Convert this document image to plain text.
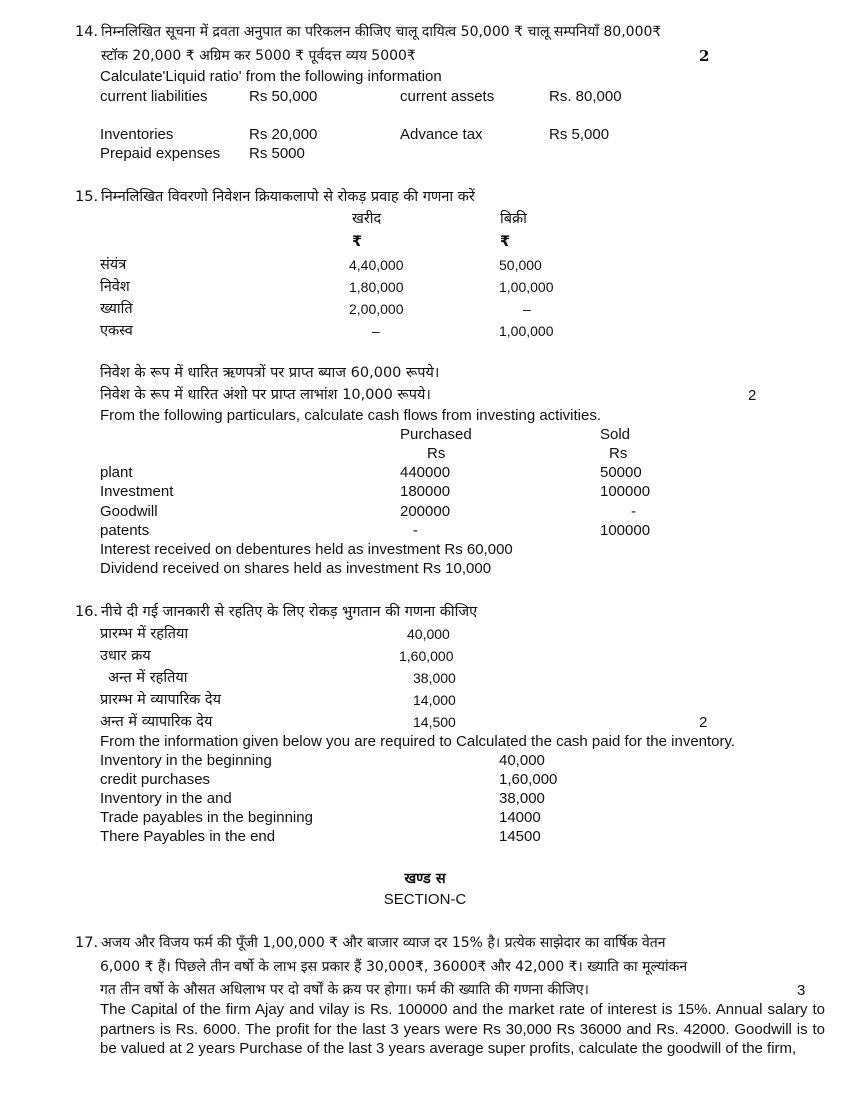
14. निम्नलिखित सूचना में द्रवता अनुपात का परिकलन कीजिए चालू दायित्व 50,000 ₹ चालू सम्पनियाँ 80,000₹
स्टॉक 20,000 ₹ अग्रिम कर 5000 ₹ पूर्वदत्त व्यय 5000₹	2
Calculate'Liquid ratio' from the following information
current liabilities	Rs 50,000	current assets	Rs. 80,000
Inventories	Rs 20,000	Advance tax	Rs 5,000
Prepaid expenses Rs 5000
15. निम्नलिखित विवरणो निवेशन क्रियाकलापो से रोकड़ प्रवाह की गणना करें
खरीद	बिक्री
₹	₹
संयंत्र	4,40,000	50,000
निवेश	1,80,000	1,00,000
ख्याति	2,00,000	–
एकस्व	–	1,00,000
निवेश के रूप में धारित ऋणपत्रों पर प्राप्त ब्याज 60,000 रूपये।
निवेश के रूप में धारित अंशो पर प्राप्त लाभांश 10,000 रूपये।	2
From the following particulars, calculate cash flows from investing activities.
Purchased	Sold
Rs	Rs
plant	440000	50000
Investment	180000	100000
Goodwill	200000	-
patents	-	100000
Interest received on debentures held as investment Rs 60,000
Dividend received on shares held as investment Rs 10,000
16. नीचे दी गई जानकारी से रहतिए के लिए रोकड़ भुगतान की गणना कीजिए
प्रारम्भ में रहतिया	40,000
उधार क्रय	1,60,000
अन्त में रहतिया	38,000
प्रारम्भ मे व्यापारिक देय	14,000
अन्त में व्यापारिक देय	14,500	2
From the information given below you are required to Calculated the cash paid for the inventory.
Inventory in the beginning	40,000
credit purchases	1,60,000
Inventory in the and	38,000
Trade payables in the beginning	14000
There Payables in the end	14500
खण्ड स
SECTION-C
17. अजय और विजय फर्म की पूँजी 1,00,000 ₹ और बाजार व्याज दर 15% है। प्रत्येक साझेदार का वार्षिक वेतन
6,000 ₹ हैं। पिछले तीन वर्षो के लाभ इस प्रकार हैं 30,000₹, 36000₹ और 42,000 ₹। ख्याति का मूल्यांकन
गत तीन वर्षो के औसत अधिलाभ पर दो वर्षों के क्रय पर होगा। फर्म की ख्याति की गणना कीजिए।	3
The Capital of the firm Ajay and vilay is Rs. 100000 and the market rate of interest is 15%. Annual salary to partners is Rs. 6000. The profit for the last 3 years were Rs 30,000 Rs 36000 and Rs. 42000. Goodwill is to be valued at 2 years Purchase of the last 3 years average super profits, calculate the goodwill of the firm,
